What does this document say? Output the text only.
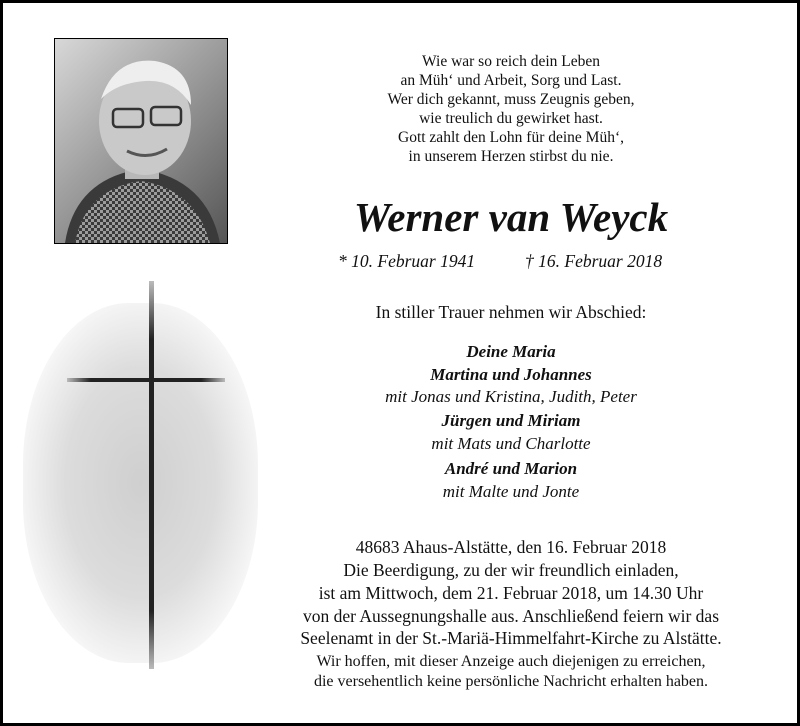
Wie war so reich dein Leben
an Müh‘ und Arbeit, Sorg und Last.
Wer dich gekannt, muss Zeugnis geben,
wie treulich du gewirket hast.
Gott zahlt den Lohn für deine Müh‘,
in unserem Herzen stirbst du nie.
Werner van Weyck
* 10. Februar 1941	† 16. Februar 2018
In stiller Trauer nehmen wir Abschied:
Deine Maria
Martina und Johannes
mit Jonas und Kristina, Judith, Peter
Jürgen und Miriam
mit Mats und Charlotte
André und Marion
mit Malte und Jonte
48683 Ahaus-Alstätte, den 16. Februar 2018
Die Beerdigung, zu der wir freundlich einladen,
ist am Mittwoch, dem 21. Februar 2018, um 14.30 Uhr
von der Aussegnungshalle aus. Anschließend feiern wir das
Seelenamt in der St.-Mariä-Himmelfahrt-Kirche zu Alstätte.
Wir hoffen, mit dieser Anzeige auch diejenigen zu erreichen,
die versehentlich keine persönliche Nachricht erhalten haben.
